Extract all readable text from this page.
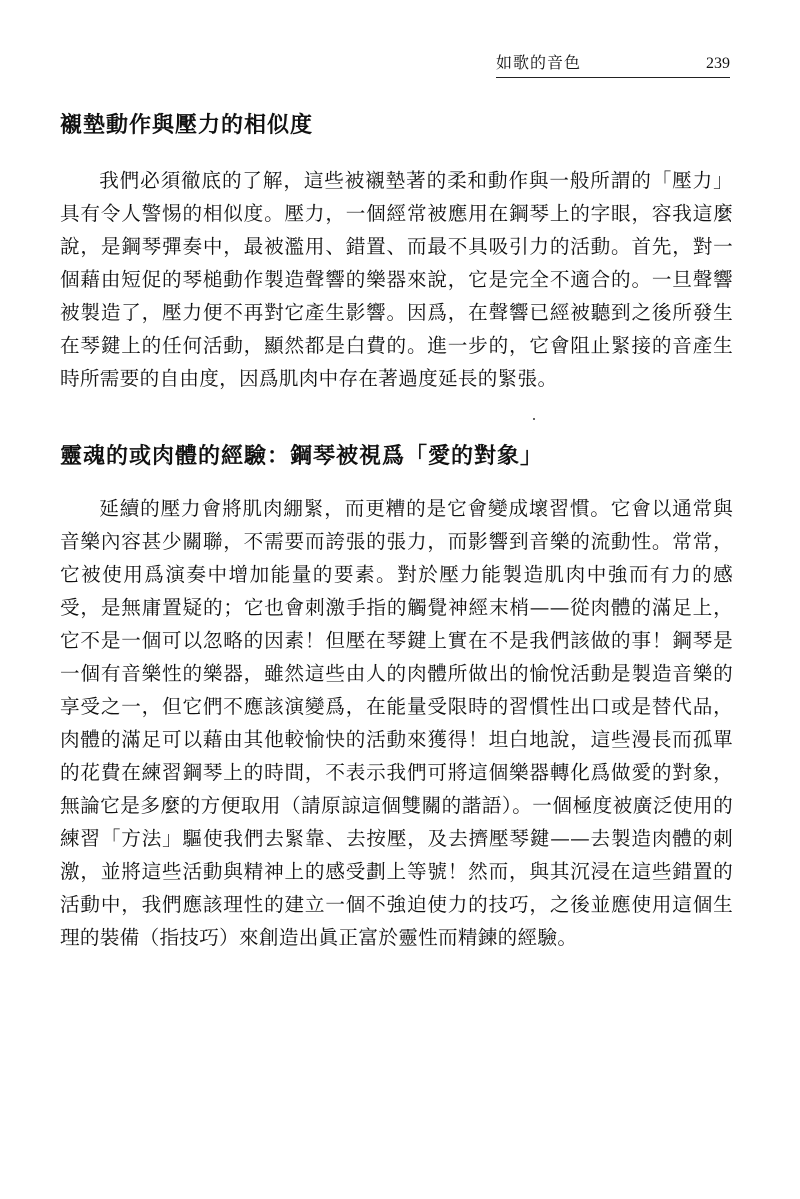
如歌的音色	239
襯墊動作與壓力的相似度

我們必須徹底的了解，這些被襯墊著的柔和動作與一般所謂的「壓力」具有令人警惕的相似度。壓力，一個經常被應用在鋼琴上的字眼，容我這麼說，是鋼琴彈奏中，最被濫用、錯置、而最不具吸引力的活動。首先，對一個藉由短促的琴槌動作製造聲響的樂器來說，它是完全不適合的。一旦聲響被製造了，壓力便不再對它產生影響。因爲，在聲響已經被聽到之後所發生在琴鍵上的任何活動，顯然都是白費的。進一步的，它會阻止緊接的音產生時所需要的自由度，因爲肌肉中存在著過度延長的緊張。

靈魂的或肉體的經驗：鋼琴被視爲「愛的對象」

延續的壓力會將肌肉綳緊，而更糟的是它會變成壞習慣。它會以通常與音樂內容甚少關聯，不需要而誇張的張力，而影響到音樂的流動性。常常，它被使用爲演奏中增加能量的要素。對於壓力能製造肌肉中強而有力的感受，是無庸置疑的；它也會刺激手指的觸覺神經末梢——從肉體的滿足上，它不是一個可以忽略的因素！但壓在琴鍵上實在不是我們該做的事！鋼琴是一個有音樂性的樂器，雖然這些由人的肉體所做出的愉悅活動是製造音樂的享受之一，但它們不應該演變爲，在能量受限時的習慣性出口或是替代品，肉體的滿足可以藉由其他較愉快的活動來獲得！坦白地說，這些漫長而孤單的花費在練習鋼琴上的時間，不表示我們可將這個樂器轉化爲做愛的對象，無論它是多麼的方便取用（請原諒這個雙關的諧語）。一個極度被廣泛使用的練習「方法」驅使我們去緊靠、去按壓，及去擠壓琴鍵——去製造肉體的刺激，並將這些活動與精神上的感受劃上等號！然而，與其沉浸在這些錯置的活動中，我們應該理性的建立一個不強迫使力的技巧，之後並應使用這個生理的裝備（指技巧）來創造出眞正富於靈性而精鍊的經驗。
